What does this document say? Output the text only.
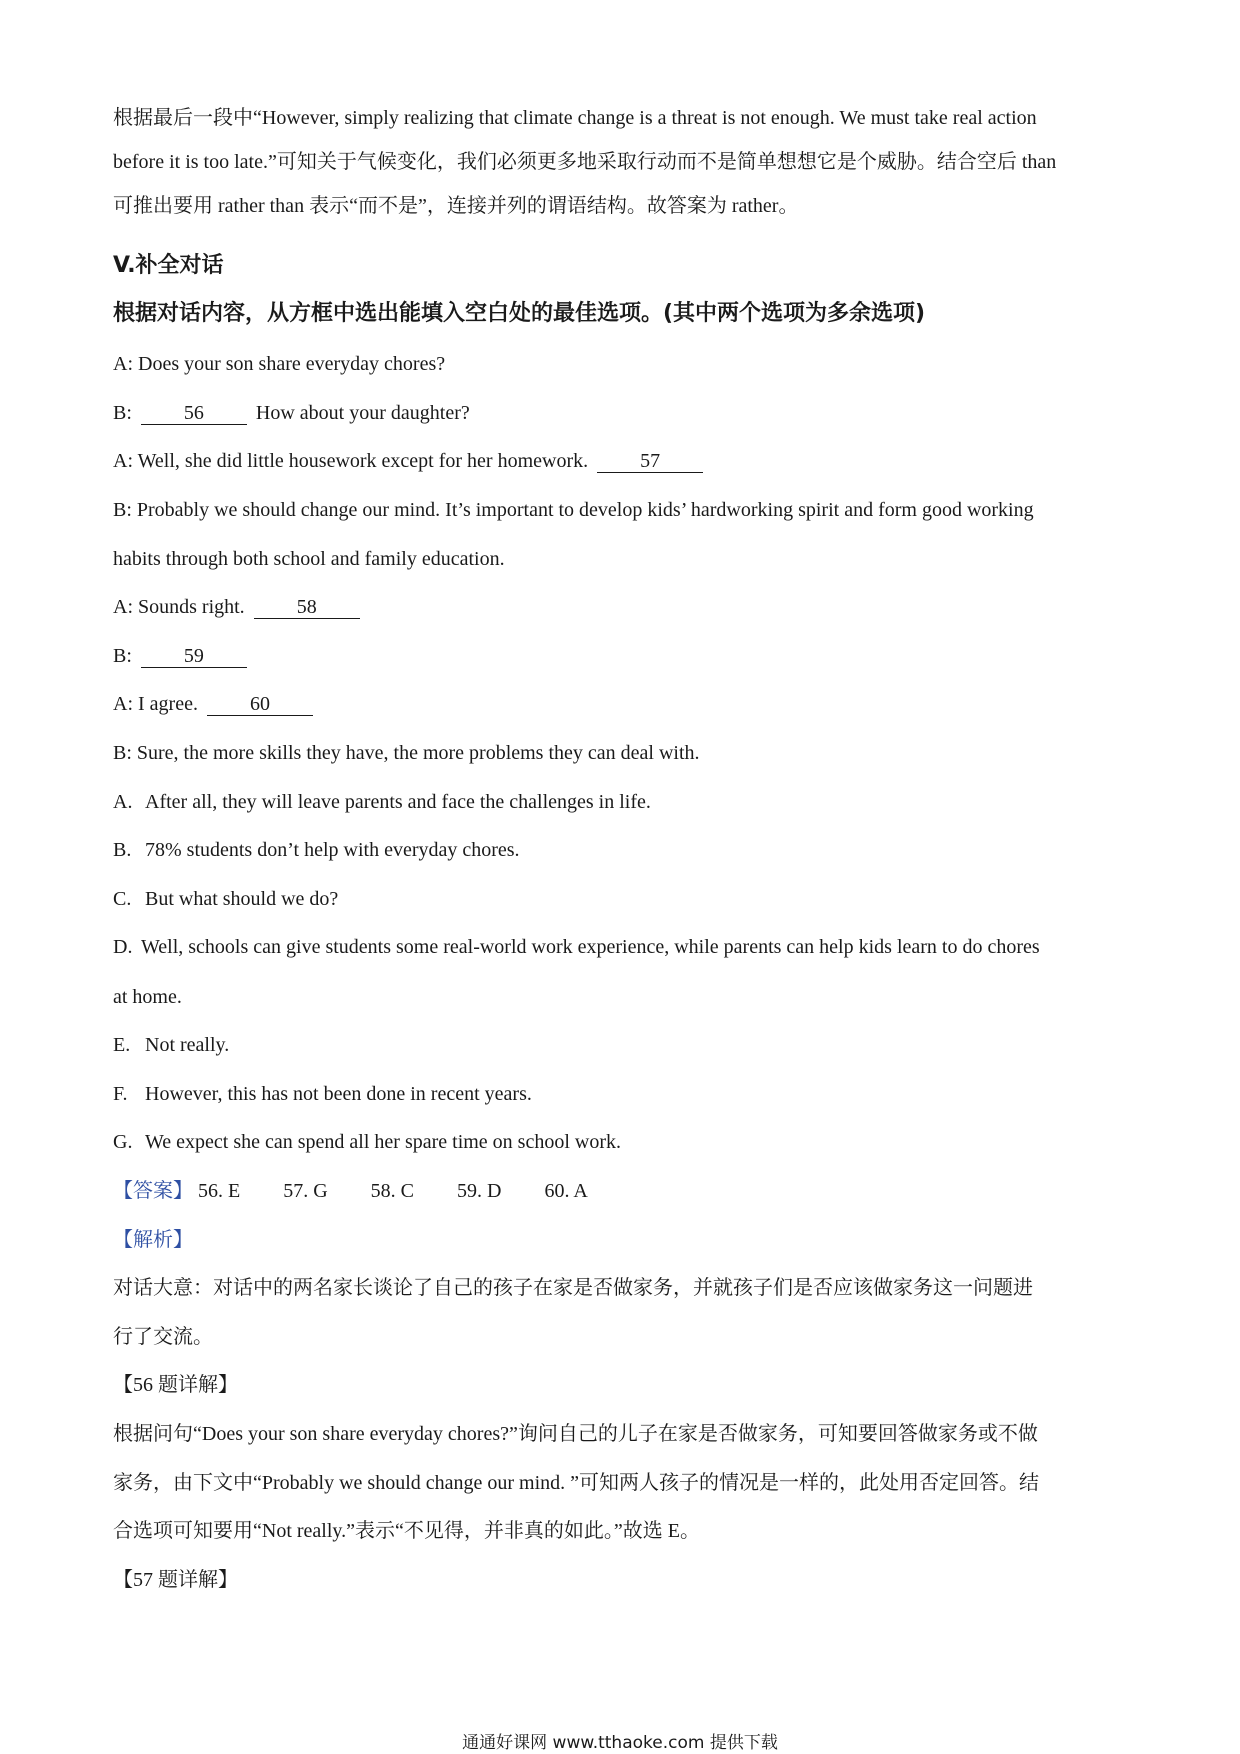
根据最后一段中“However, simply realizing that climate change is a threat is not enough. We must take real action
before it is too late.”可知关于气候变化，我们必须更多地采取行动而不是简单想想它是个威胁。结合空后 than
可推出要用 rather than 表示“而不是”，连接并列的谓语结构。故答案为 rather。
V.补全对话
根据对话内容，从方框中选出能填入空白处的最佳选项。(其中两个选项为多余选项)
A: Does your son share everyday chores?
B:	56	How about your daughter?
A: Well, she did little housework except for her homework.	57
B: Probably we should change our mind. It’s important to develop kids’ hardworking spirit and form good working
habits through both school and family education.
A: Sounds right.	58
B:	59
A: I agree.	60
B: Sure, the more skills they have, the more problems they can deal with.
A. After all, they will leave parents and face the challenges in life.
B. 78% students don’t help with everyday chores.
C. But what should we do?
D. Well, schools can give students some real-world work experience, while parents can help kids learn to do chores
at home.
E. Not really.
F. However, this has not been done in recent years.
G. We expect she can spend all her spare time on school work.
【答案】 56. E 57. G 58. C 59. D 60. A
【解析】
对话大意：对话中的两名家长谈论了自己的孩子在家是否做家务，并就孩子们是否应该做家务这一问题进
行了交流。
【56 题详解】
根据问句“Does your son share everyday chores?”询问自己的儿子在家是否做家务，可知要回答做家务或不做
家务，由下文中“Probably we should change our mind. ”可知两人孩子的情况是一样的，此处用否定回答。结
合选项可知要用“Not really.”表示“不见得，并非真的如此。”故选 E。
【57 题详解】
通通好课网 www.tthaoke.com 提供下载
